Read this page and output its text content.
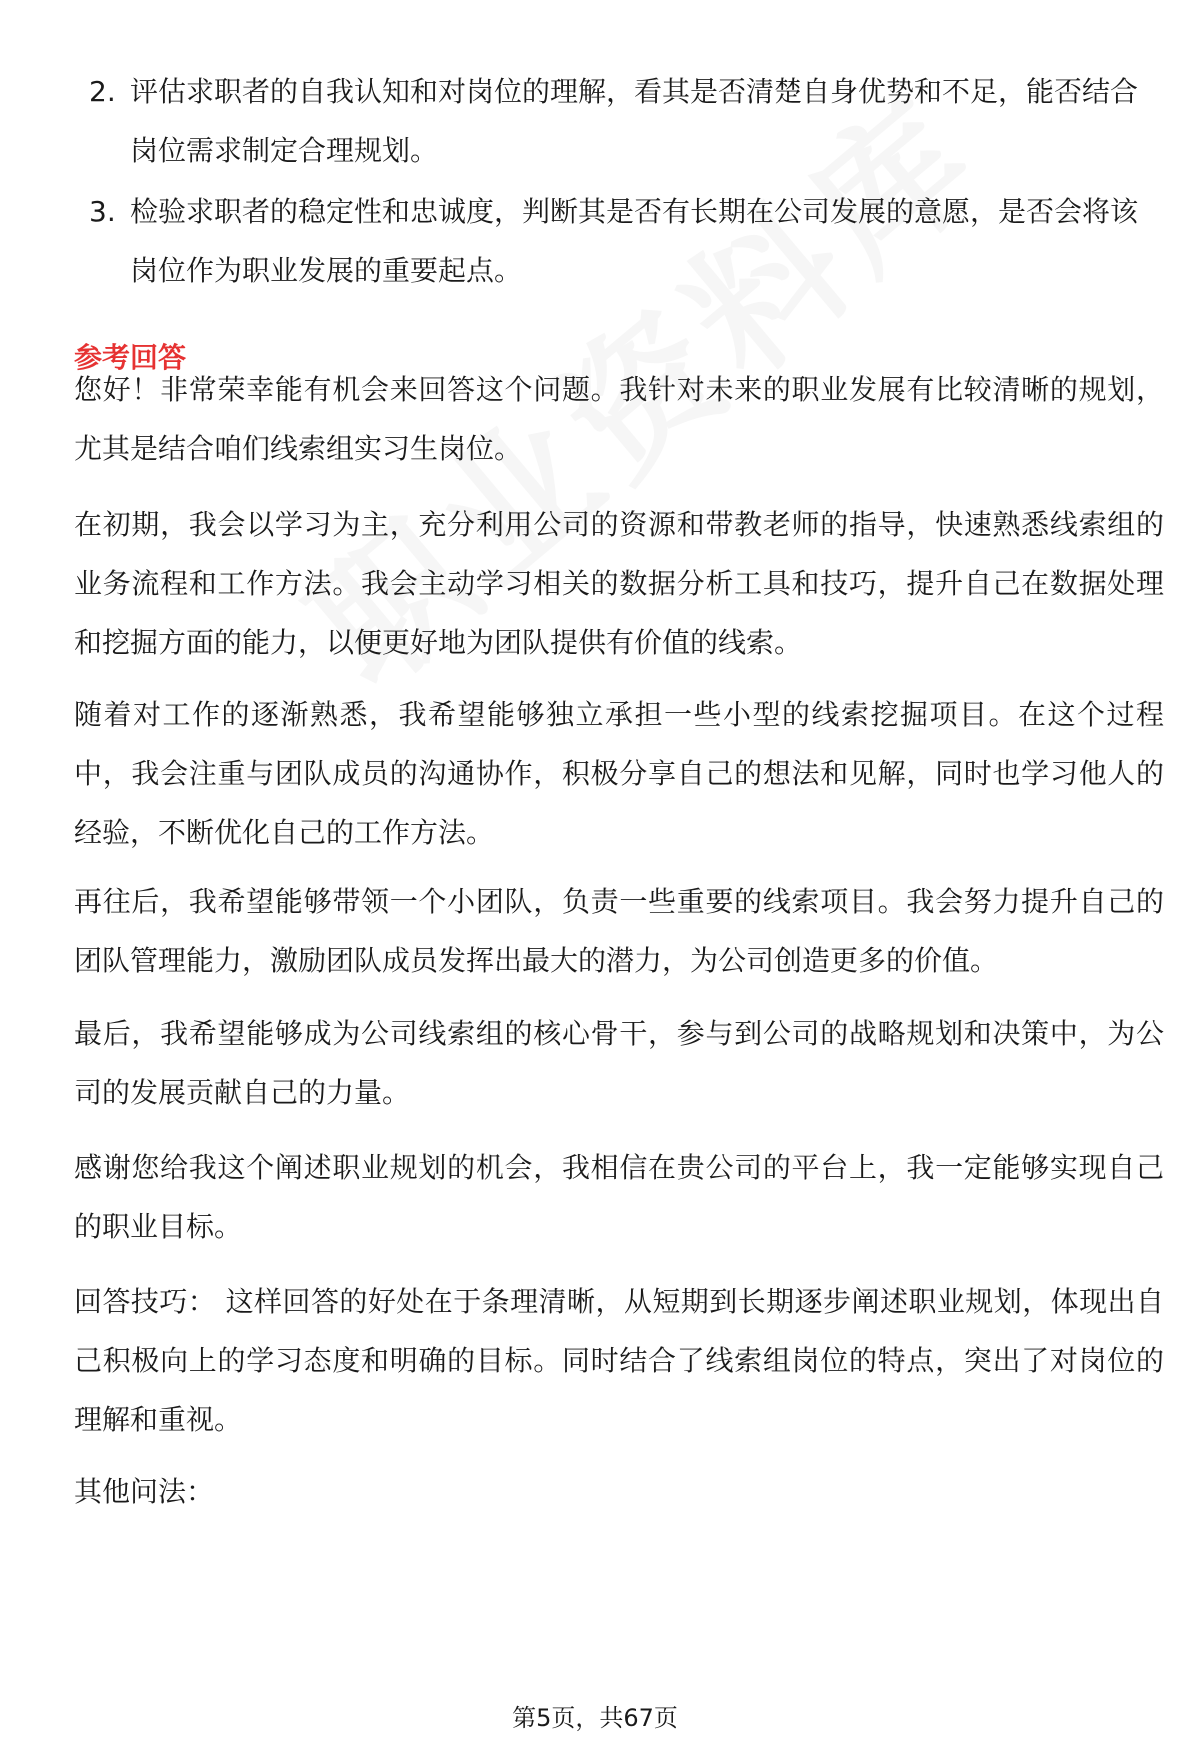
2. 评估求职者的自我认知和对岗位的理解，看其是否清楚自身优势和不足，能否结合岗位需求制定合理规划。
3. 检验求职者的稳定性和忠诚度，判断其是否有长期在公司发展的意愿，是否会将该岗位作为职业发展的重要起点。
参考回答

您好！非常荣幸能有机会来回答这个问题。我针对未来的职业发展有比较清晰的规划，尤其是结合咱们线索组实习生岗位。

在初期，我会以学习为主，充分利用公司的资源和带教老师的指导，快速熟悉线索组的业务流程和工作方法。我会主动学习相关的数据分析工具和技巧，提升自己在数据处理和挖掘方面的能力，以便更好地为团队提供有价值的线索。

随着对工作的逐渐熟悉，我希望能够独立承担一些小型的线索挖掘项目。在这个过程中，我会注重与团队成员的沟通协作，积极分享自己的想法和见解，同时也学习他人的经验，不断优化自己的工作方法。

再往后，我希望能够带领一个小团队，负责一些重要的线索项目。我会努力提升自己的团队管理能力，激励团队成员发挥出最大的潜力，为公司创造更多的价值。

最后，我希望能够成为公司线索组的核心骨干，参与到公司的战略规划和决策中，为公司的发展贡献自己的力量。

感谢您给我这个阐述职业规划的机会，我相信在贵公司的平台上，我一定能够实现自己的职业目标。

回答技巧： 这样回答的好处在于条理清晰，从短期到长期逐步阐述职业规划，体现出自己积极向上的学习态度和明确的目标。同时结合了线索组岗位的特点，突出了对岗位的理解和重视。

其他问法：

第5页，共67页
